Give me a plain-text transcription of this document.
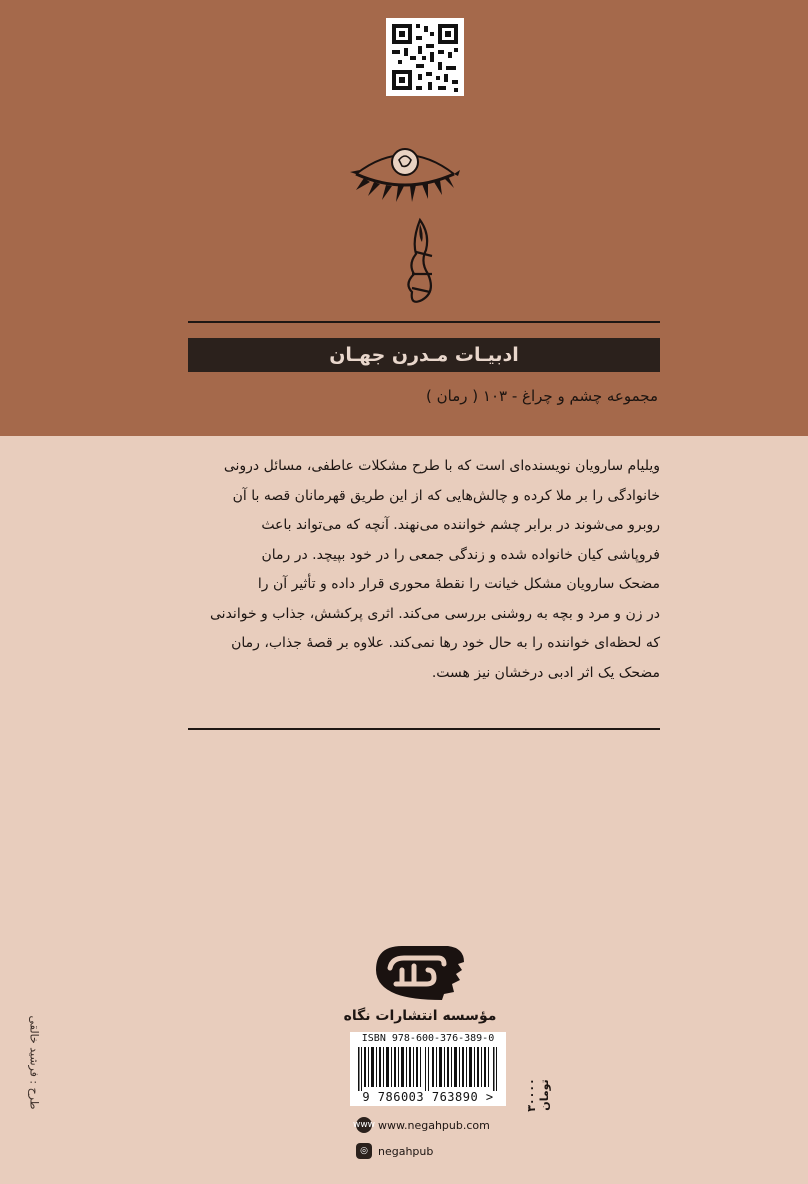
ادبیـات مـدرن جهـان
مجموعه چشم و چراغ - ۱۰۳ ( رمان )

ویلیام سارویان نویسنده‌ای است که با طرح مشکلات عاطفی، مسائل درونی

خانوادگی را بر ملا کرده و چالش‌هایی که از این طریق قهرمانان قصه با آن

روبرو می‌شوند در برابر چشم خواننده می‌نهند. آنچه که می‌تواند باعث

فروپاشی کیان خانواده شده و زندگی جمعی را در خود بپیچد. در رمان

مضحک سارویان مشکل خیانت را نقطهٔ محوری قرار داده و تأثیر آن را

در زن و مرد و بچه به روشنی بررسی می‌کند. اثری پرکشش، جذاب و خواندنی

که لحظه‌ای خواننده را به حال خود رها نمی‌کند. علاوه بر قصهٔ جذاب، رمان

مضحک یک اثر ادبی درخشان نیز هست.

مؤسسه انتشارات نگاه
ISBN 978-600-376-389-0
9 786003 763890 >	۳۰۰۰۰ تومان
طرح : فرشید خالقی
www www.negahpub.com
◎ negahpub
